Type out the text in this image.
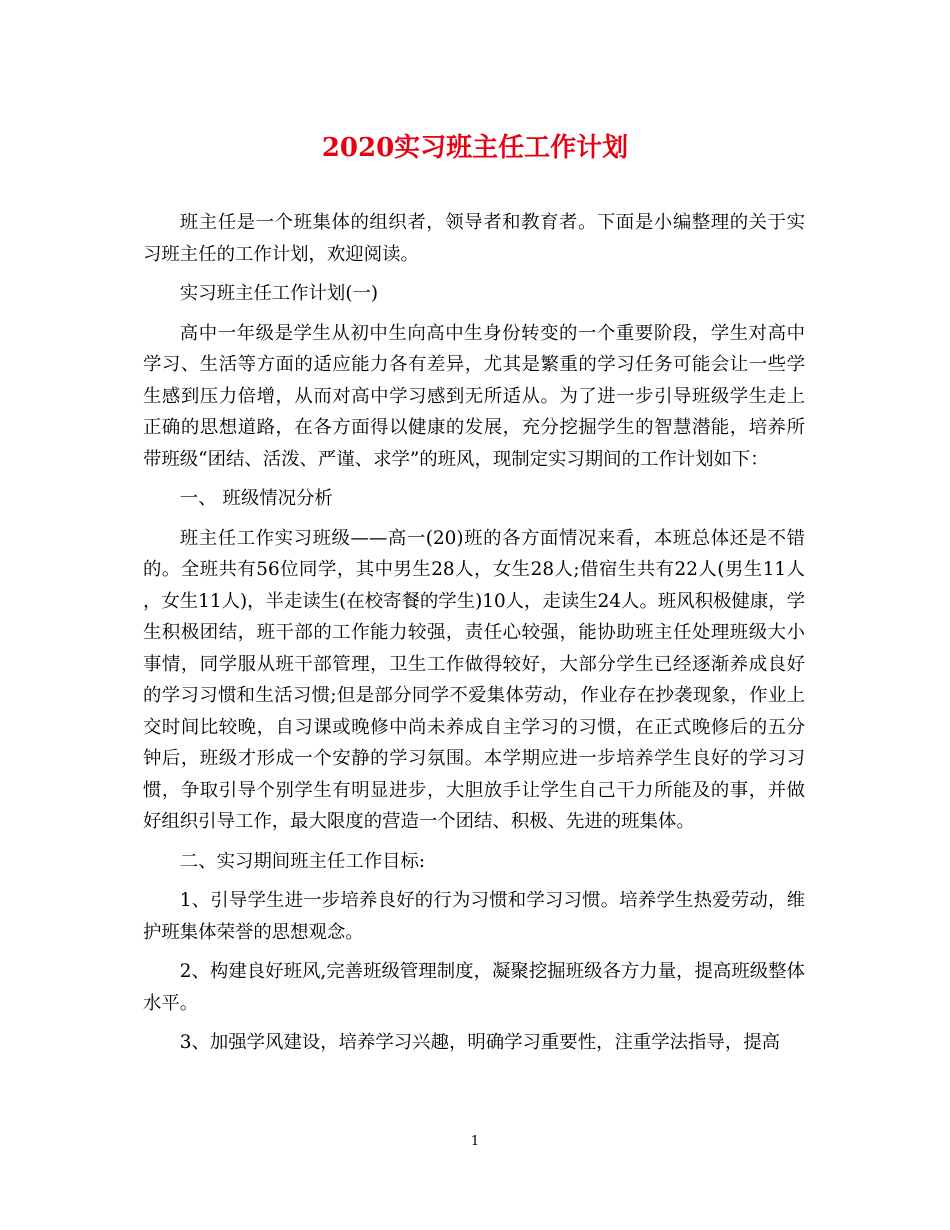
2020实习班主任工作计划

班主任是一个班集体的组织者，领导者和教育者。下面是小编整理的关于实习班主任的工作计划，欢迎阅读。

实习班主任工作计划(一)

高中一年级是学生从初中生向高中生身份转变的一个重要阶段，学生对高中学习、生活等方面的适应能力各有差异，尤其是繁重的学习任务可能会让一些学生感到压力倍增，从而对高中学习感到无所适从。为了进一步引导班级学生走上正确的思想道路，在各方面得以健康的发展，充分挖掘学生的智慧潜能，培养所带班级“团结、活泼、严谨、求学”的班风，现制定实习期间的工作计划如下：

一、 班级情况分析

班主任工作实习班级——高一(20)班的各方面情况来看，本班总体还是不错的。全班共有56位同学，其中男生28人，女生28人;借宿生共有22人(男生11人，女生11人)，半走读生(在校寄餐的学生)10人，走读生24人。班风积极健康，学生积极团结，班干部的工作能力较强，责任心较强，能协助班主任处理班级大小事情，同学服从班干部管理，卫生工作做得较好，大部分学生已经逐渐养成良好的学习习惯和生活习惯;但是部分同学不爱集体劳动，作业存在抄袭现象，作业上交时间比较晚，自习课或晚修中尚未养成自主学习的习惯，在正式晚修后的五分钟后，班级才形成一个安静的学习氛围。本学期应进一步培养学生良好的学习习惯，争取引导个别学生有明显进步，大胆放手让学生自己干力所能及的事，并做好组织引导工作，最大限度的营造一个团结、积极、先进的班集体。

二、实习期间班主任工作目标:

1、引导学生进一步培养良好的行为习惯和学习习惯。培养学生热爱劳动，维护班集体荣誉的思想观念。

2、构建良好班风,完善班级管理制度，凝聚挖掘班级各方力量，提高班级整体水平。

3、加强学风建设，培养学习兴趣，明确学习重要性，注重学法指导，提高

1
